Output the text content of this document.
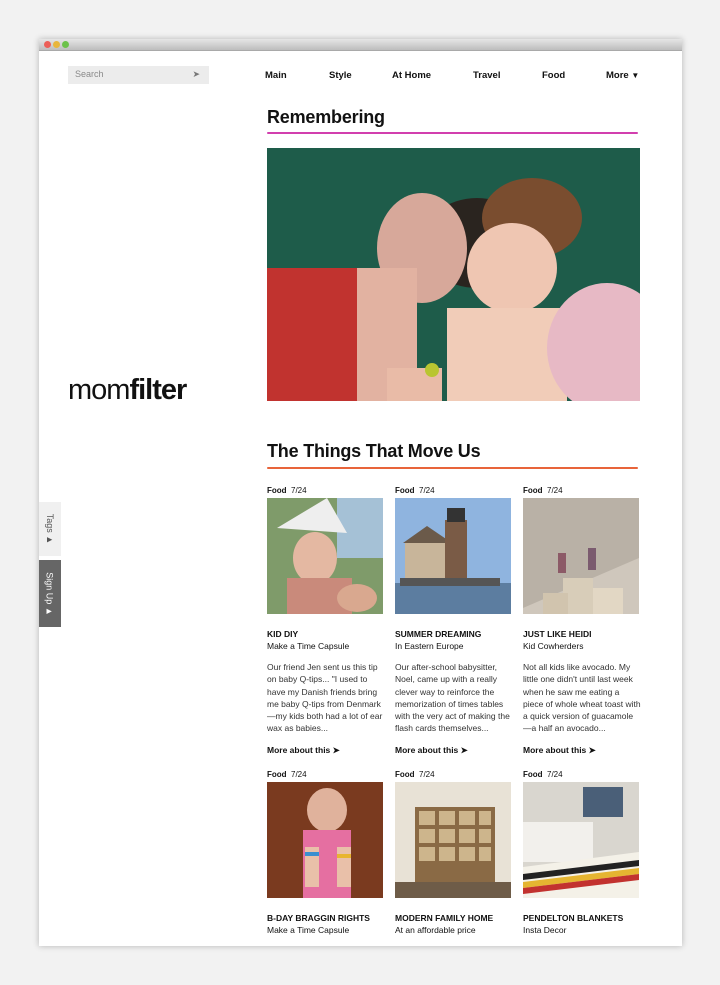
Search	➤	Main	Style	At Home	Travel	Food	More ▼
momfilter
Tags ▲
Sign Up ▲
Remembering
The Things That Move Us
Food 7/24
KID DIY
Make a Time Capsule
Our friend Jen sent us this tip on baby Q-tips... "I used to have my Danish friends bring me baby Q-tips from Denmark—my kids both had a lot of ear wax as babies...
More about this ➤
Food 7/24
SUMMER DREAMING
In Eastern Europe
Our after-school babysitter, Noel, came up with a really clever way to reinforce the memorization of times tables with the very act of making the flash cards themselves...
More about this ➤
Food 7/24
JUST LIKE HEIDI
Kid Cowherders
Not all kids like avocado. My little one didn't until last week when he saw me eating a piece of whole wheat toast with a quick version of guacamole—a half an avocado...
More about this ➤
Food 7/24
B-DAY BRAGGIN RIGHTS
Make a Time Capsule
Food 7/24
MODERN FAMILY HOME
At an affordable price
Food 7/24
PENDELTON BLANKETS
Insta Decor
